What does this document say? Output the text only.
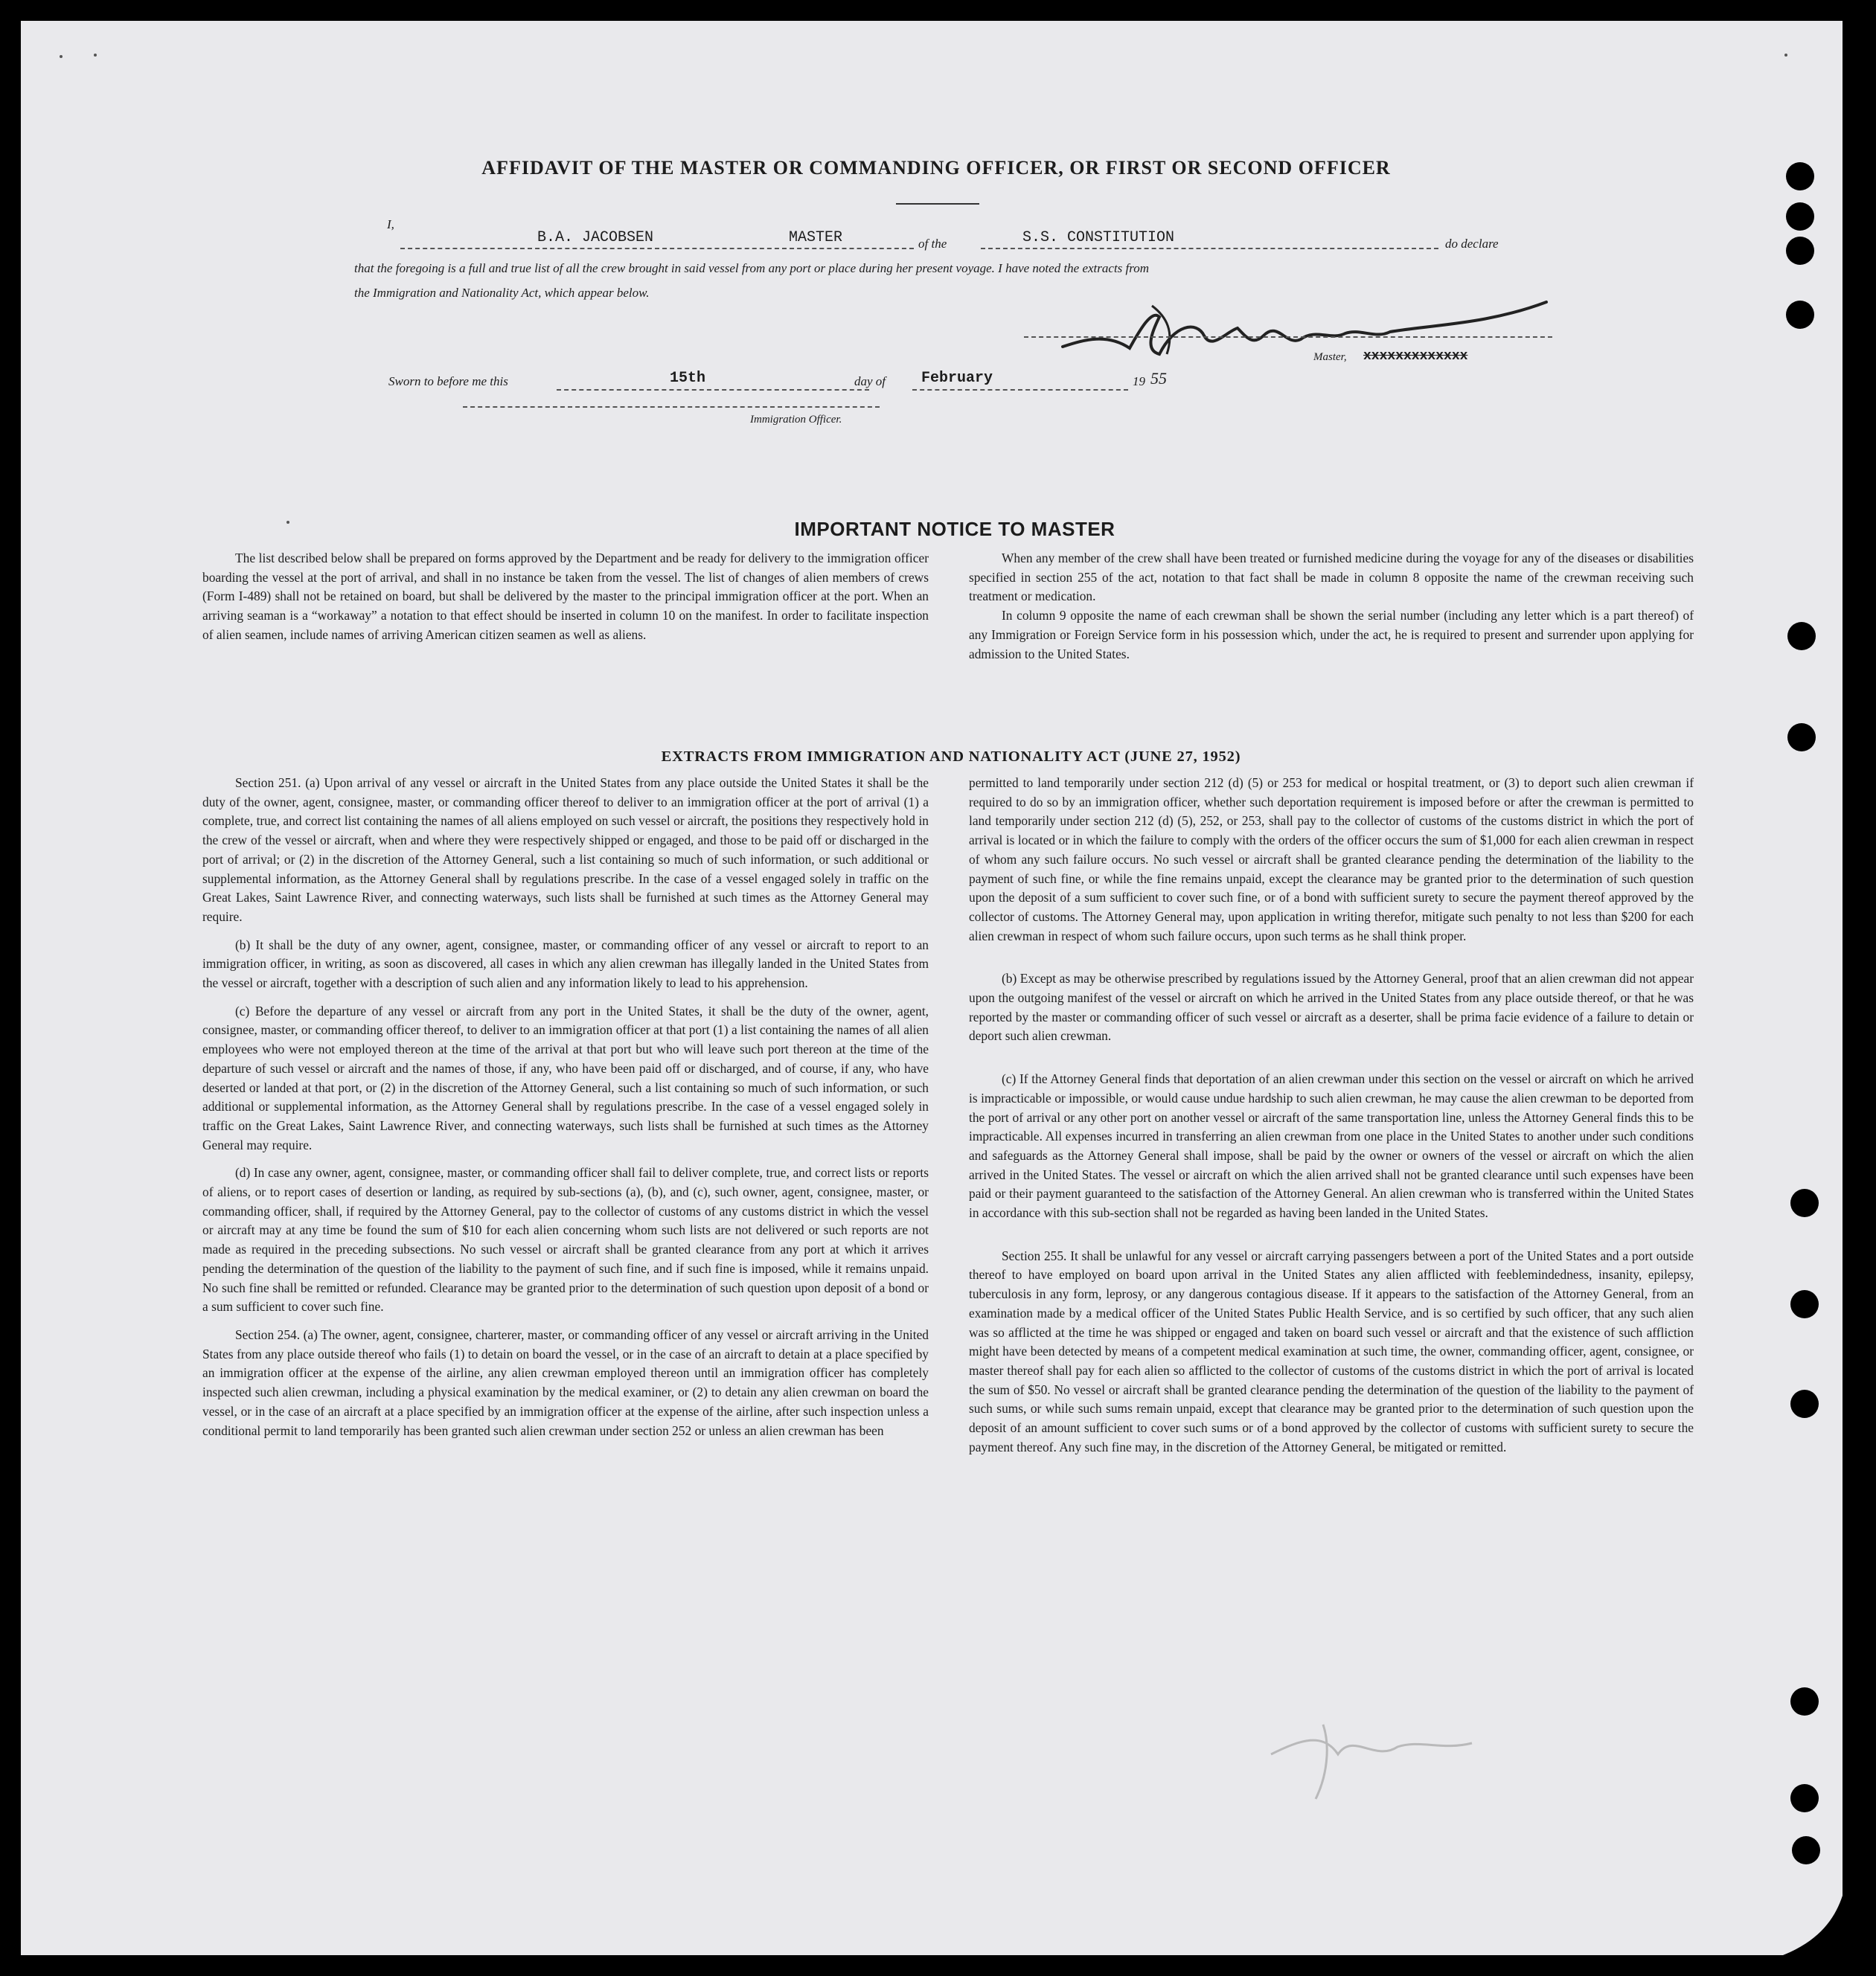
AFFIDAVIT OF THE MASTER OR COMMANDING OFFICER, OR FIRST OR SECOND OFFICER
I,
B.A. JACOBSEN	MASTER	of the	S.S. CONSTITUTION	do declare
that the foregoing is a full and true list of all the crew brought in said vessel from any port or place during her present voyage. I have noted the extracts from
the Immigration and Nationality Act, which appear below.
Master, xxxxxxxxxxxxx
Sworn to before me this	15th	day of February	19 55
Immigration Officer.
IMPORTANT NOTICE TO MASTER

The list described below shall be prepared on forms approved by the Department and be ready for delivery to the immigration officer boarding the vessel at the port of arrival, and shall in no instance be taken from the vessel. The list of changes of alien members of crews (Form I-489) shall not be retained on board, but shall be delivered by the master to the principal immigration officer at the port. When an arriving seaman is a “workaway” a notation to that effect should be inserted in column 10 on the manifest. In order to facilitate inspection of alien seamen, include names of arriving American citizen seamen as well as aliens.

When any member of the crew shall have been treated or furnished medicine during the voyage for any of the diseases or disabilities specified in section 255 of the act, notation to that fact shall be made in column 8 opposite the name of the crewman receiving such treatment or medication.

In column 9 opposite the name of each crewman shall be shown the serial number (including any letter which is a part thereof) of any Immigration or Foreign Service form in his possession which, under the act, he is required to present and surrender upon applying for admission to the United States.

EXTRACTS FROM IMMIGRATION AND NATIONALITY ACT (JUNE 27, 1952)

Section 251. (a) Upon arrival of any vessel or aircraft in the United States from any place outside the United States it shall be the duty of the owner, agent, consignee, master, or commanding officer thereof to deliver to an immigration officer at the port of arrival (1) a complete, true, and correct list containing the names of all aliens employed on such vessel or aircraft, the positions they respectively hold in the crew of the vessel or aircraft, when and where they were respectively shipped or engaged, and those to be paid off or discharged in the port of arrival; or (2) in the discretion of the Attorney General, such a list containing so much of such information, or such additional or supplemental information, as the Attorney General shall by regulations prescribe. In the case of a vessel engaged solely in traffic on the Great Lakes, Saint Lawrence River, and connecting waterways, such lists shall be furnished at such times as the Attorney General may require.

(b) It shall be the duty of any owner, agent, consignee, master, or commanding officer of any vessel or aircraft to report to an immigration officer, in writing, as soon as discovered, all cases in which any alien crewman has illegally landed in the United States from the vessel or aircraft, together with a description of such alien and any information likely to lead to his apprehension.

(c) Before the departure of any vessel or aircraft from any port in the United States, it shall be the duty of the owner, agent, consignee, master, or commanding officer thereof, to deliver to an immigration officer at that port (1) a list containing the names of all alien employees who were not employed thereon at the time of the arrival at that port but who will leave such port thereon at the time of the departure of such vessel or aircraft and the names of those, if any, who have been paid off or discharged, and of course, if any, who have deserted or landed at that port, or (2) in the discretion of the Attorney General, such a list containing so much of such information, or such additional or supplemental information, as the Attorney General shall by regulations prescribe. In the case of a vessel engaged solely in traffic on the Great Lakes, Saint Lawrence River, and connecting waterways, such lists shall be furnished at such times as the Attorney General may require.

(d) In case any owner, agent, consignee, master, or commanding officer shall fail to deliver complete, true, and correct lists or reports of aliens, or to report cases of desertion or landing, as required by sub-sections (a), (b), and (c), such owner, agent, consignee, master, or commanding officer, shall, if required by the Attorney General, pay to the collector of customs of any customs district in which the vessel or aircraft may at any time be found the sum of $10 for each alien concerning whom such lists are not delivered or such reports are not made as required in the preceding subsections. No such vessel or aircraft shall be granted clearance from any port at which it arrives pending the determination of the question of the liability to the payment of such fine, and if such fine is imposed, while it remains unpaid. No such fine shall be remitted or refunded. Clearance may be granted prior to the determination of such question upon deposit of a bond or a sum sufficient to cover such fine.

Section 254. (a) The owner, agent, consignee, charterer, master, or commanding officer of any vessel or aircraft arriving in the United States from any place outside thereof who fails (1) to detain on board the vessel, or in the case of an aircraft to detain at a place specified by an immigration officer at the expense of the airline, any alien crewman employed thereon until an immigration officer has completely inspected such alien crewman, including a physical examination by the medical examiner, or (2) to detain any alien crewman on board the vessel, or in the case of an aircraft at a place specified by an immigration officer at the expense of the airline, after such inspection unless a conditional permit to land temporarily has been granted such alien crewman under section 252 or unless an alien crewman has been

permitted to land temporarily under section 212 (d) (5) or 253 for medical or hospital treatment, or (3) to deport such alien crewman if required to do so by an immigration officer, whether such deportation requirement is imposed before or after the crewman is permitted to land temporarily under section 212 (d) (5), 252, or 253, shall pay to the collector of customs of the customs district in which the port of arrival is located or in which the failure to comply with the orders of the officer occurs the sum of $1,000 for each alien crewman in respect of whom any such failure occurs. No such vessel or aircraft shall be granted clearance pending the determination of the liability to the payment of such fine, or while the fine remains unpaid, except the clearance may be granted prior to the determination of such question upon the deposit of a sum sufficient to cover such fine, or of a bond with sufficient surety to secure the payment thereof approved by the collector of customs. The Attorney General may, upon application in writing therefor, mitigate such penalty to not less than $200 for each alien crewman in respect of whom such failure occurs, upon such terms as he shall think proper.

(b) Except as may be otherwise prescribed by regulations issued by the Attorney General, proof that an alien crewman did not appear upon the outgoing manifest of the vessel or aircraft on which he arrived in the United States from any place outside thereof, or that he was reported by the master or commanding officer of such vessel or aircraft as a deserter, shall be prima facie evidence of a failure to detain or deport such alien crewman.

(c) If the Attorney General finds that deportation of an alien crewman under this section on the vessel or aircraft on which he arrived is impracticable or impossible, or would cause undue hardship to such alien crewman, he may cause the alien crewman to be deported from the port of arrival or any other port on another vessel or aircraft of the same transportation line, unless the Attorney General finds this to be impracticable. All expenses incurred in transferring an alien crewman from one place in the United States to another under such conditions and safeguards as the Attorney General shall impose, shall be paid by the owner or owners of the vessel or aircraft on which the alien arrived in the United States. The vessel or aircraft on which the alien arrived shall not be granted clearance until such expenses have been paid or their payment guaranteed to the satisfaction of the Attorney General. An alien crewman who is transferred within the United States in accordance with this sub-section shall not be regarded as having been landed in the United States.

Section 255. It shall be unlawful for any vessel or aircraft carrying passengers between a port of the United States and a port outside thereof to have employed on board upon arrival in the United States any alien afflicted with feeblemindedness, insanity, epilepsy, tuberculosis in any form, leprosy, or any dangerous contagious disease. If it appears to the satisfaction of the Attorney General, from an examination made by a medical officer of the United States Public Health Service, and is so certified by such officer, that any such alien was so afflicted at the time he was shipped or engaged and taken on board such vessel or aircraft and that the existence of such affliction might have been detected by means of a competent medical examination at such time, the owner, commanding officer, agent, consignee, or master thereof shall pay for each alien so afflicted to the collector of customs of the customs district in which the port of arrival is located the sum of $50. No vessel or aircraft shall be granted clearance pending the determination of the question of the liability to the payment of such sums, or while such sums remain unpaid, except that clearance may be granted prior to the determination of such question upon the deposit of an amount sufficient to cover such sums or of a bond approved by the collector of customs with sufficient surety to secure the payment thereof. Any such fine may, in the discretion of the Attorney General, be mitigated or remitted.
